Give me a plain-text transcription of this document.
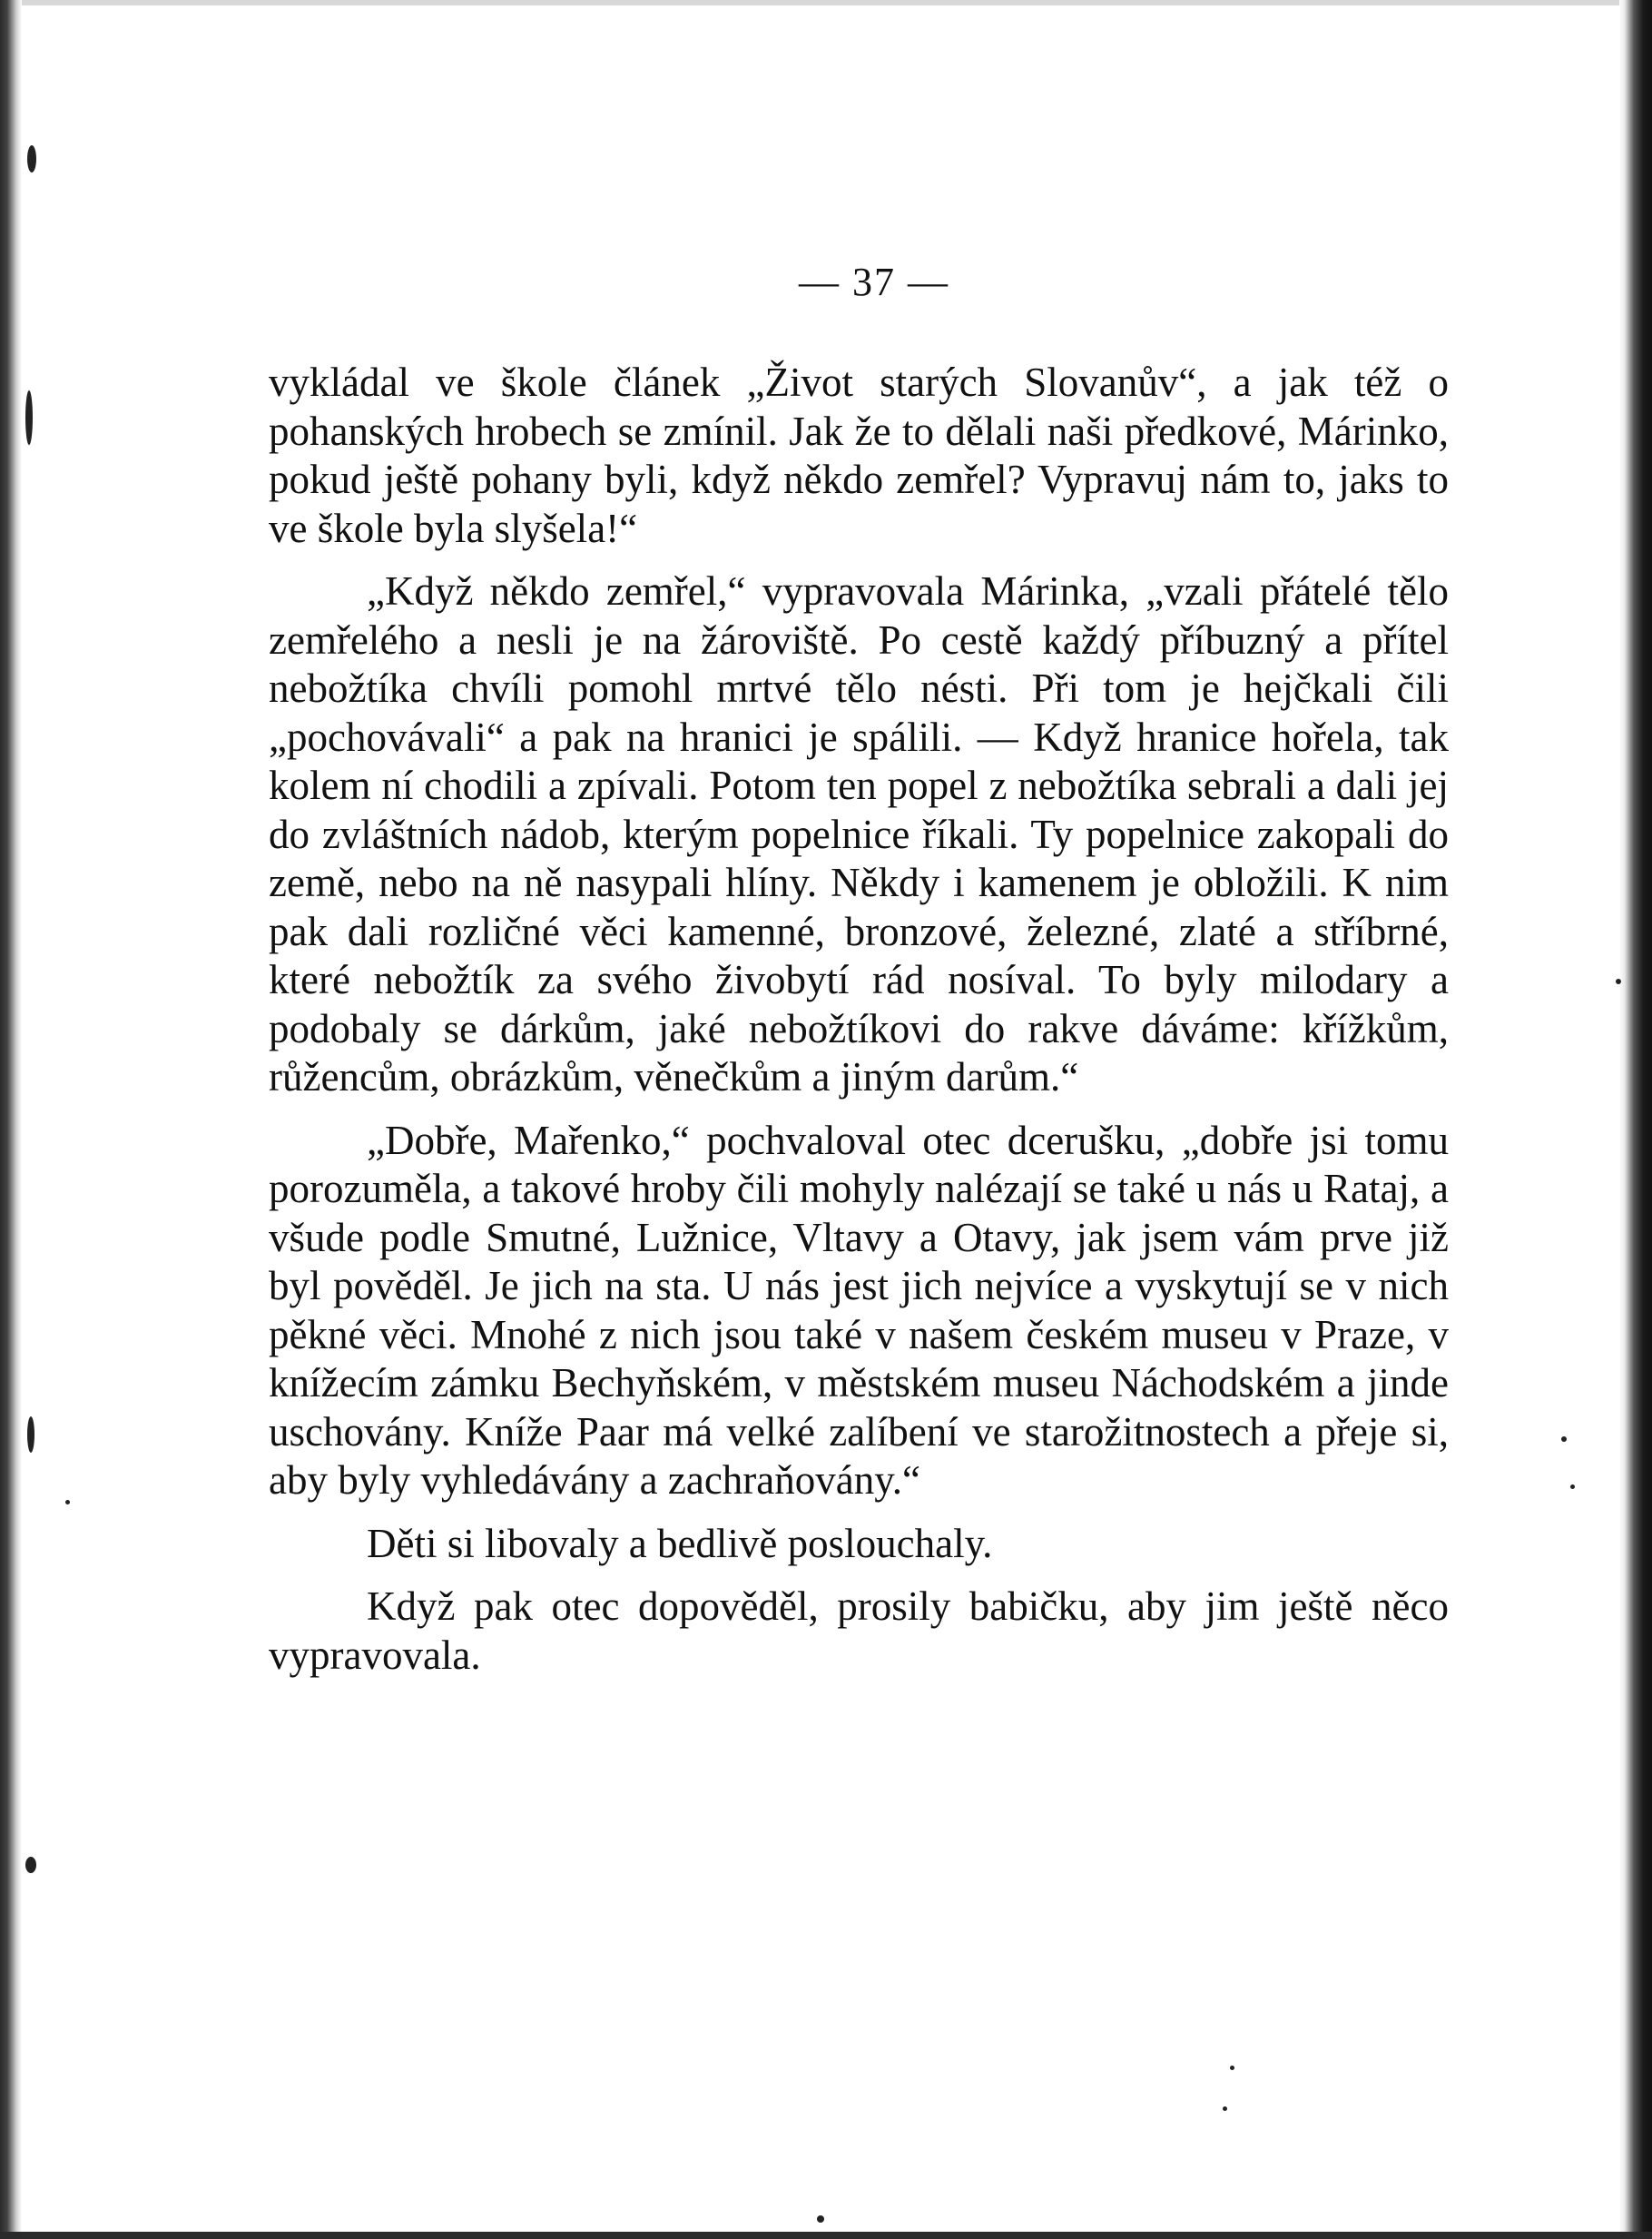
— 37 —

vykládal ve škole článek „Život starých Slovanův“, a jak též o pohanských hrobech se zmínil. Jak že to dělali naši předkové, Márinko, pokud ještě pohany byli, když někdo zemřel? Vypravuj nám to, jaks to ve škole byla slyšela!“

„Když někdo zemřel,“ vypravovala Márinka, „vzali přátelé tělo zemřelého a nesli je na žároviště. Po cestě každý příbuzný a přítel nebožtíka chvíli pomohl mrtvé tělo nésti. Při tom je hejčkali čili „pochovávali“ a pak na hranici je spálili. — Když hranice hořela, tak kolem ní chodili a zpívali. Potom ten popel z nebožtíka sebrali a dali jej do zvláštních nádob, kterým popelnice říkali. Ty popelnice zakopali do země, nebo na ně nasypali hlíny. Někdy i kamenem je obložili. K nim pak dali rozličné věci kamenné, bronzové, železné, zlaté a stříbrné, které nebožtík za svého živobytí rád nosíval. To byly milodary a podobaly se dárkům, jaké nebožtíkovi do rakve dáváme: křížkům, růžencům, obrázkům, věnečkům a jiným darům.“

„Dobře, Mařenko,“ pochvaloval otec dcerušku, „dobře jsi tomu porozuměla, a takové hroby čili mohyly nalézají se také u nás u Rataj, a všude podle Smutné, Lužnice, Vltavy a Otavy, jak jsem vám prve již byl pověděl. Je jich na sta. U nás jest jich nejvíce a vyskytují se v nich pěkné věci. Mnohé z nich jsou také v našem českém museu v Praze, v knížecím zámku Bechyňském, v městském museu Náchodském a jinde uschovány. Kníže Paar má velké zalíbení ve starožitnostech a přeje si, aby byly vyhledávány a zachraňovány.“

Děti si libovaly a bedlivě poslouchaly.

Když pak otec dopověděl, prosily babičku, aby jim ještě něco vypravovala.
